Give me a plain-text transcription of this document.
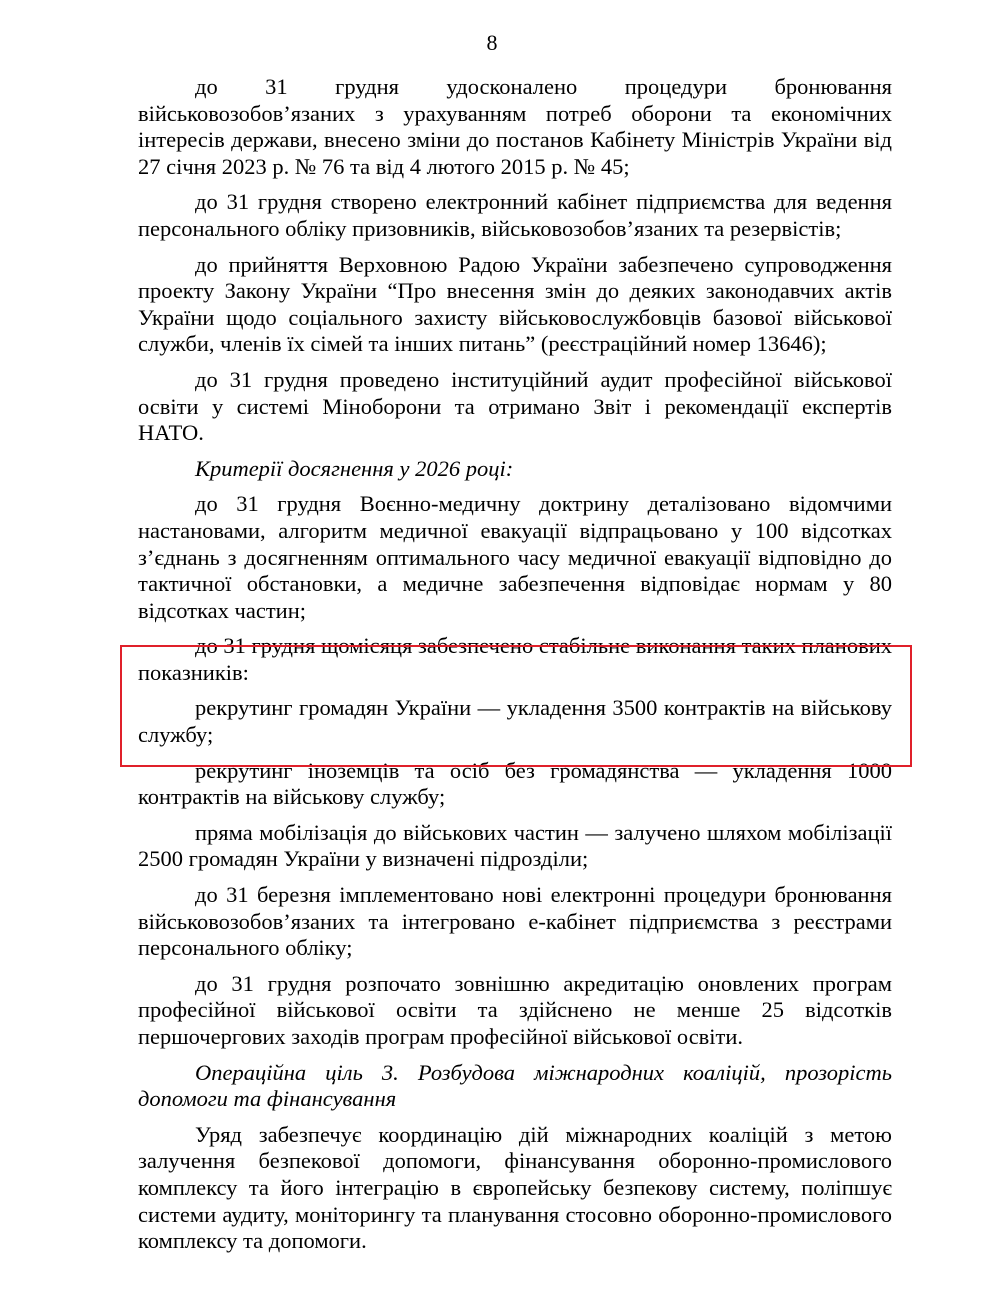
8

до 31 грудня удосконалено процедури бронювання військовозобов’язаних з урахуванням потреб оборони та економічних інтересів держави, внесено зміни до постанов Кабінету Міністрів України від 27 січня 2023 р. № 76 та від 4 лютого 2015 р. № 45;

до 31 грудня створено електронний кабінет підприємства для ведення персонального обліку призовників, військовозобов’язаних та резервістів;

до прийняття Верховною Радою України забезпечено супроводження проекту Закону України “Про внесення змін до деяких законодавчих актів України щодо соціального захисту військовослужбовців базової військової служби, членів їх сімей та інших питань” (реєстраційний номер 13646);

до 31 грудня проведено інституційний аудит професійної військової освіти у системі Міноборони та отримано Звіт і рекомендації експертів НАТО.

Критерії досягнення у 2026 році:

до 31 грудня Воєнно-медичну доктрину деталізовано відомчими настановами, алгоритм медичної евакуації відпрацьовано у 100 відсотках з’єднань з досягненням оптимального часу медичної евакуації відповідно до тактичної обстановки, а медичне забезпечення відповідає нормам у 80 відсотках частин;

до 31 грудня щомісяця забезпечено стабільне виконання таких планових показників:

рекрутинг громадян України — укладення 3500 контрактів на військову службу;

рекрутинг іноземців та осіб без громадянства — укладення 1000 контрактів на військову службу;

пряма мобілізація до військових частин — залучено шляхом мобілізації 2500 громадян України у визначені підрозділи;

до 31 березня імплементовано нові електронні процедури бронювання військовозобов’язаних та інтегровано е-кабінет підприємства з реєстрами персонального обліку;

до 31 грудня розпочато зовнішню акредитацію оновлених програм професійної військової освіти та здійснено не менше 25 відсотків першочергових заходів програм професійної військової освіти.

Операційна ціль 3. Розбудова міжнародних коаліцій, прозорість допомоги та фінансування

Уряд забезпечує координацію дій міжнародних коаліцій з метою залучення безпекової допомоги, фінансування оборонно-промислового комплексу та його інтеграцію в європейську безпекову систему, поліпшує системи аудиту, моніторингу та планування стосовно оборонно-промислового комплексу та допомоги.
